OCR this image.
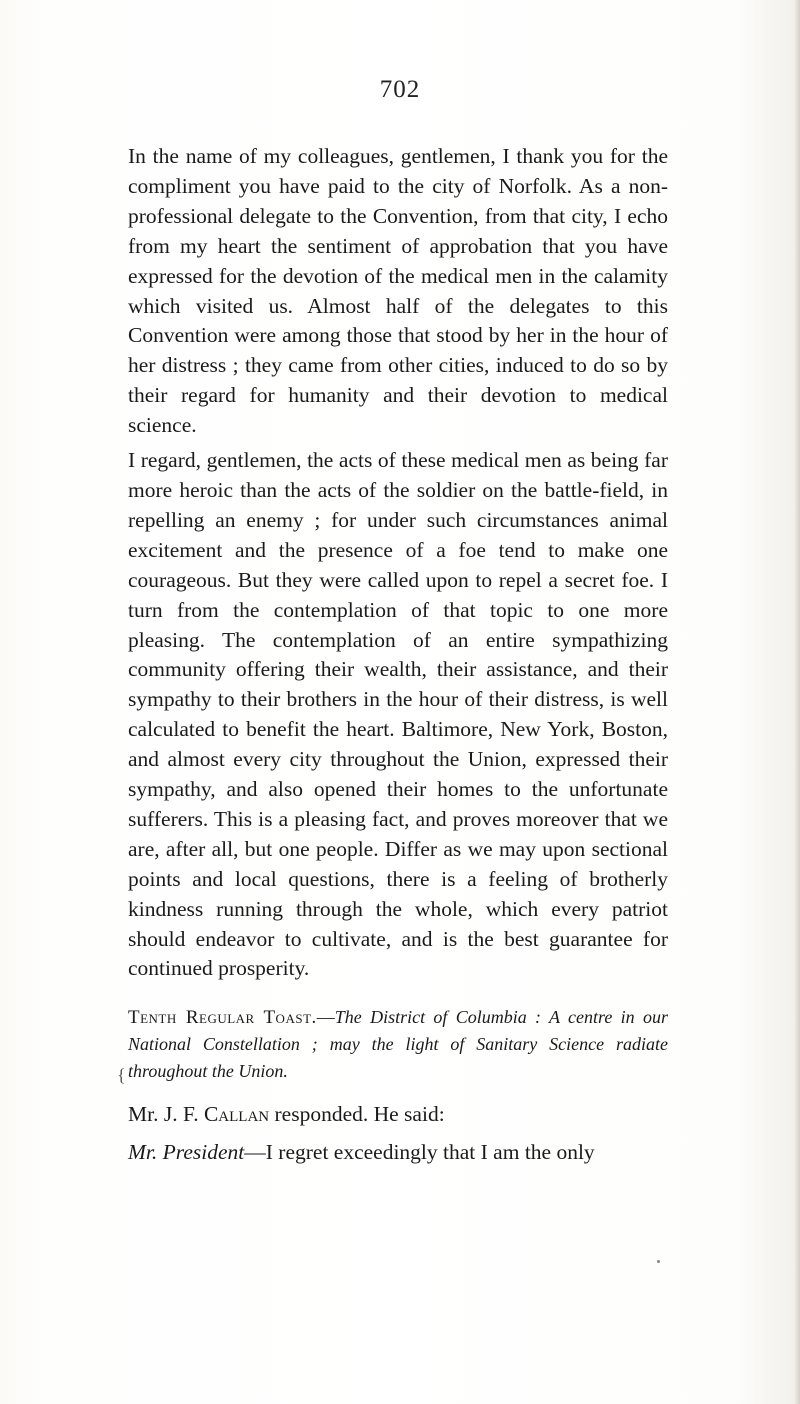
702

In the name of my colleagues, gentlemen, I thank you for the compliment you have paid to the city of Norfolk. As a non-professional delegate to the Convention, from that city, I echo from my heart the sentiment of approbation that you have expressed for the devotion of the medical men in the calamity which visited us. Almost half of the delegates to this Convention were among those that stood by her in the hour of her distress ; they came from other cities, induced to do so by their regard for humanity and their devotion to medical science.

I regard, gentlemen, the acts of these medical men as being far more heroic than the acts of the soldier on the battle-field, in repelling an enemy ; for under such circumstances animal excitement and the presence of a foe tend to make one courageous. But they were called upon to repel a secret foe. I turn from the contemplation of that topic to one more pleasing. The contemplation of an entire sympathizing community offering their wealth, their assistance, and their sympathy to their brothers in the hour of their distress, is well calculated to benefit the heart. Baltimore, New York, Boston, and almost every city throughout the Union, expressed their sympathy, and also opened their homes to the unfortunate sufferers. This is a pleasing fact, and proves moreover that we are, after all, but one people. Differ as we may upon sectional points and local questions, there is a feeling of brotherly kindness running through the whole, which every patriot should endeavor to cultivate, and is the best guarantee for continued prosperity.

Tenth Regular Toast.—The District of Columbia : A centre in our National Constellation ; may the light of Sanitary Science radiate throughout the Union.

Mr. J. F. Callan responded. He said:

Mr. President—I regret exceedingly that I am the only

{
